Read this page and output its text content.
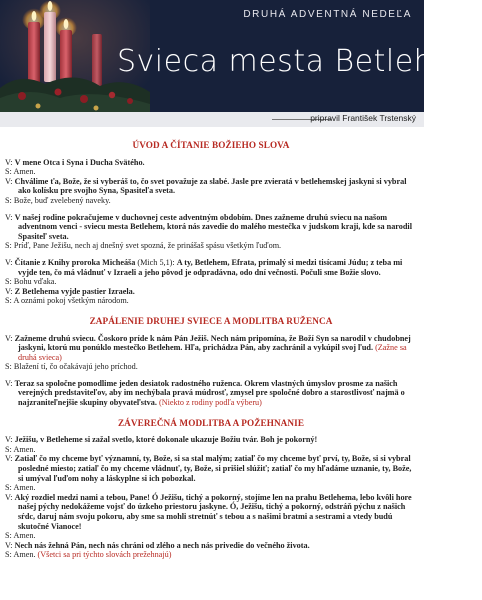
DRUHÁ ADVENTNÁ NEDEĽA
Svieca mesta Betlehem
pripravil František Trstenský
ÚVOD A ČÍTANIE BOŽIEHO SLOVA
V: V mene Otca i Syna i Ducha Svätého.
S: Amen.
V: Chválime ťa, Bože, že si vyberáš to, čo svet považuje za slabé. Jasle pre zvieratá v betlehemskej jaskyni si vybral ako kolísku pre svojho Syna, Spasiteľa sveta.
S: Bože, buď zvelebený naveky.
V: V našej rodine pokračujeme v duchovnej ceste adventným obdobím. Dnes zažneme druhú sviecu na našom adventnom venci - sviecu mesta Betlehem, ktorá nás zavedie do malého mestečka v judskom kraji, kde sa narodil Spasiteľ sveta.
S: Príď, Pane Ježišu, nech aj dnešný svet spozná, že prinášaš spásu všetkým ľuďom.
V: Čítanie z Knihy proroka Micheáša (Mich 5,1): A ty, Betlehem, Efrata, primalý si medzi tisícami Júdu; z teba mi vyjde ten, čo má vládnuť v Izraeli a jeho pôvod je odpradávna, odo dní večnosti. Počuli sme Božie slovo.
S: Bohu vďaka.
V: Z Betlehema vyjde pastier Izraela.
S: A oznámi pokoj všetkým národom.
ZAPÁLENIE DRUHEJ SVIECE A MODLITBA RUŽENCA
V: Zažneme druhú sviecu. Čoskoro príde k nám Pán Ježiš. Nech nám pripomína, že Boží Syn sa narodil v chudobnej jaskyni, ktorú mu ponúklo mestečko Betlehem. Hľa, prichádza Pán, aby zachránil a vykúpil svoj ľud. (Zažne sa druhá svieca)
S: Blažení tí, čo očakávajú jeho príchod.
V: Teraz sa spoločne pomodlime jeden desiatok radostného ruženca. Okrem vlastných úmyslov prosme za našich verejných predstaviteľov, aby im nechýbala pravá múdrosť, zmysel pre spoločné dobro a starostlivosť najmä o najzraniteľnejšie skupiny obyvateľstva. (Niekto z rodiny podľa výberu)
ZÁVEREČNÁ MODLITBA A POŽEHNANIE
V: Ježišu, v Betleheme si zažal svetlo, ktoré dokonale ukazuje Božiu tvár. Boh je pokorný!
S: Amen.
V: Zatiaľ čo my chceme byť významní, ty, Bože, si sa stal malým; zatiaľ čo my chceme byť prví, ty, Bože, si si vybral posledné miesto; zatiaľ čo my chceme vládnuť, ty, Bože, si prišiel slúžiť; zatiaľ čo my hľadáme uznanie, ty, Bože, si umýval ľuďom nohy a láskyplne si ich pobozkal.
S: Amen.
V: Aký rozdiel medzi nami a tebou, Pane! Ó Ježišu, tichý a pokorný, stojíme len na prahu Betlehema, lebo kvôli hore našej pýchy nedokážeme vojsť do úzkeho priestoru jaskyne. Ó, Ježišu, tichý a pokorný, odstráň pýchu z našich sŕdc, daruj nám svoju pokoru, aby sme sa mohli stretnúť s tebou a s našimi bratmi a sestrami a vtedy budú skutočné Vianoce!
S: Amen.
V: Nech nás žehná Pán, nech nás chráni od zlého a nech nás privedie do večného života.
S: Amen. (Všetci sa pri týchto slovách prežehnajú)
